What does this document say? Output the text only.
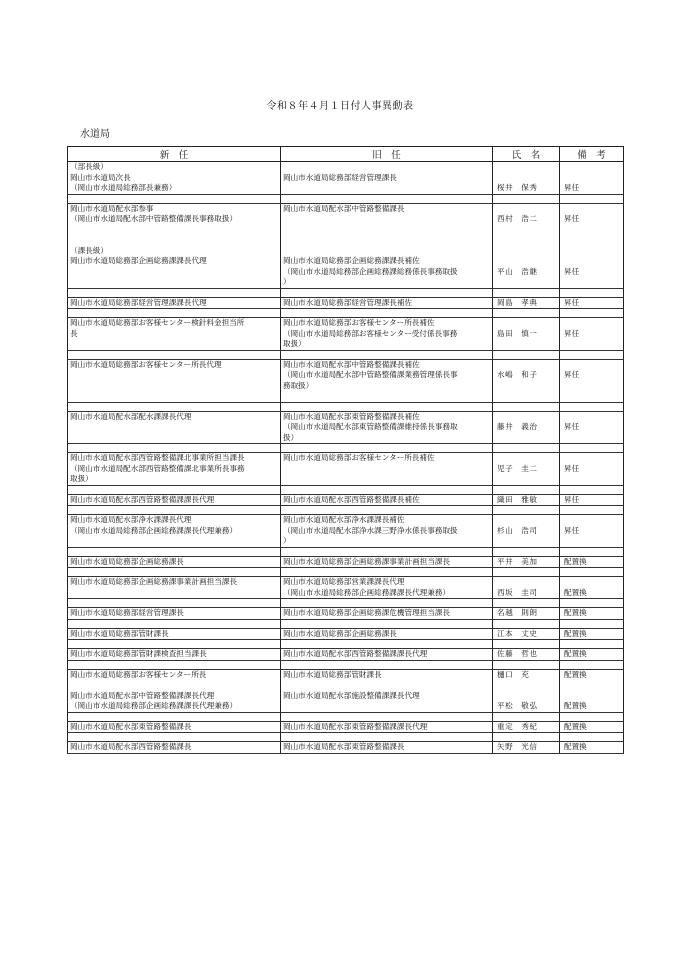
令和８年４月１日付人事異動表
水道局
新　任	旧　任	氏　名	備　考
（部長級）			
岡山市水道局次長	岡山市水道局総務部経営管理課長		
（岡山市水道局総務部長兼務）		桜井　保秀	昇任

岡山市水道局配水部参事	岡山市水道局配水部中管路整備課長		
（岡山市水道局配水部中管路整備課長事務取扱）		西村　浩二	昇任

（課長級）			
岡山市水道局総務部企画総務課課長代理	岡山市水道局総務部企画総務課課長補佐		
	（岡山市水道局総務部企画総務課総務係長事務取扱	平山　浩継	昇任
	）		

岡山市水道局総務部経営管理課課長代理	岡山市水道局総務部経営管理課長補佐	岡島　孝典	昇任

岡山市水道局総務部お客様センター検針料金担当所	岡山市水道局総務部お客様センター所長補佐		
長	（岡山市水道局総務部お客様センター受付係長事務	島田　慎一	昇任
	取扱）		

岡山市水道局総務部お客様センター所長代理	岡山市水道局配水部中管路整備課長補佐		
	（岡山市水道局配水部中管路整備課業務管理係長事	水嶋　和子	昇任
	務取扱）		

岡山市水道局配水部配水課課長代理	岡山市水道局配水部東管路整備課長補佐		
	（岡山市水道局配水部東管路整備課維持係長事務取	藤井　義治	昇任
	扱）		

岡山市水道局配水部西管路整備課北事業所担当課長	岡山市水道局総務部お客様センター所長補佐		
（岡山市水道局配水部西管路整備課北事業所長事務		児子　圭二	昇任
取扱）			

岡山市水道局配水部西管路整備課課長代理	岡山市水道局配水部西管路整備課長補佐	織田　雅敏	昇任

岡山市水道局配水部浄水課課長代理	岡山市水道局配水部浄水課課長補佐		
（岡山市水道局総務部企画総務課課長代理兼務）	（岡山市水道局配水部浄水課三野浄水係長事務取扱	杉山　浩司	昇任
	）		

岡山市水道局総務部企画総務課長	岡山市水道局総務部企画総務課事業計画担当課長	平井　美加	配置換

岡山市水道局総務部企画総務課事業計画担当課長	岡山市水道局総務部営業課課長代理		
	（岡山市水道局総務部企画総務課課長代理兼務）	西坂　圭司	配置換

岡山市水道局総務部経営管理課長	岡山市水道局総務部企画総務課危機管理担当課長	名越　則朗	配置換

岡山市水道局総務部管財課長	岡山市水道局総務部企画総務課長	江本　丈史	配置換

岡山市水道局総務部管財課検査担当課長	岡山市水道局配水部西管路整備課課長代理	佐藤　哲也	配置換

岡山市水道局総務部お客様センター所長	岡山市水道局総務部管財課長	樋口　充	配置換

岡山市水道局配水部中管路整備課課長代理	岡山市水道局配水部施設整備課課長代理		
（岡山市水道局総務部企画総務課課長代理兼務）		平松　敬弘	配置換

岡山市水道局配水部東管路整備課長	岡山市水道局配水部東管路整備課課長代理	重定　秀紀	配置換

岡山市水道局配水部西管路整備課長	岡山市水道局配水部東管路整備課長	矢野　光信	配置換
